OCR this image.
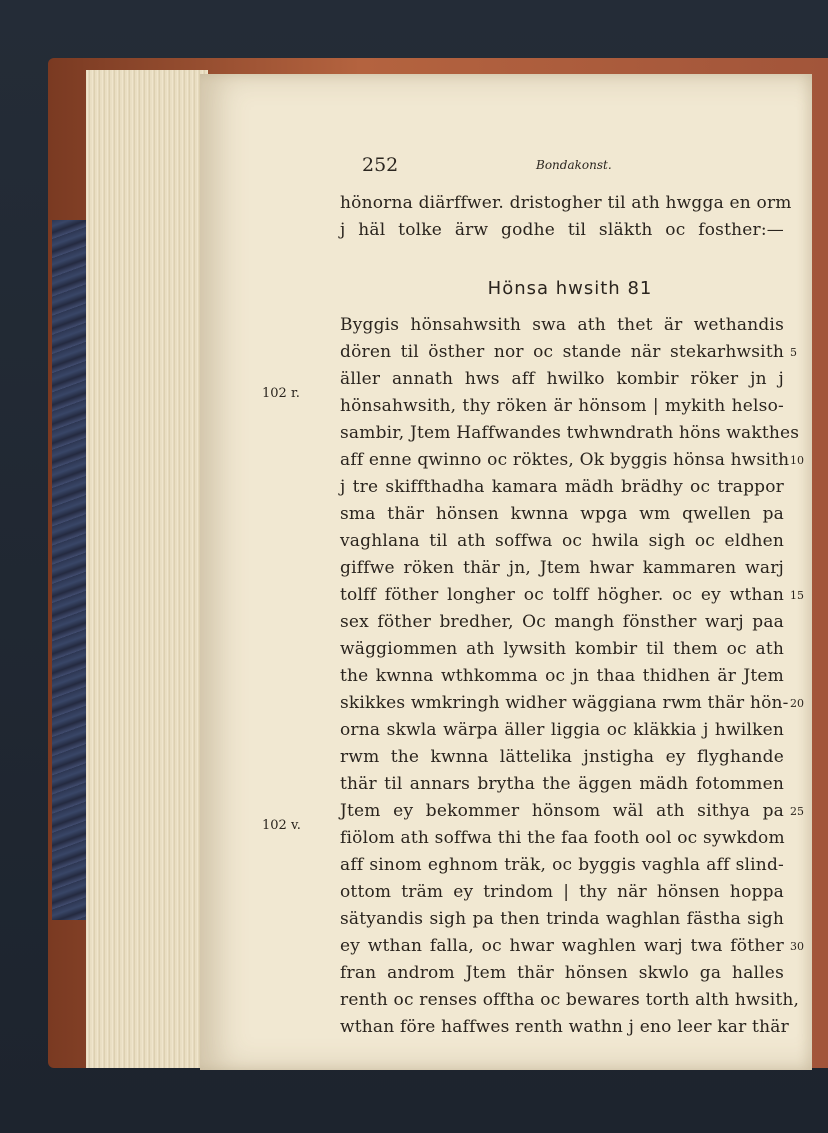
252	Bondakonst.
hönorna diärffwer. dristogher til ath hwgga en orm
j häl tolke ärw godhe til släkth oc fosther:—
Hönsa hwsith 81
Byggis hönsahwsith swa ath thet är wethandis
dören til östher nor oc stande när stekarhwsith
äller annath hws aff hwilko kombir röker jn j
hönsahwsith, thy röken är hönsom | mykith helso-
sambir, Jtem Haffwandes twhwndrath höns wakthes
aff enne qwinno oc röktes, Ok byggis hönsa hwsith
j tre skiffthadha kamara mädh brädhy oc trappor
sma thär hönsen kwnna wpga wm qwellen pa
vaghlana til ath soffwa oc hwila sigh oc eldhen
giffwe röken thär jn, Jtem hwar kammaren warj
tolff föther longher oc tolff högher. oc ey wthan
sex föther bredher, Oc mangh fönsther warj paa
wäggiommen ath lywsith kombir til them oc ath
the kwnna wthkomma oc jn thaa thidhen är Jtem
skikkes wmkringh widher wäggiana rwm thär hön-
orna skwla wärpa äller liggia oc kläkkia j hwilken
rwm the kwnna lättelika jnstigha ey flyghande
thär til annars brytha the äggen mädh fotommen
Jtem ey bekommer hönsom wäl ath sithya pa
fiölom ath soffwa thi the faa footh ool oc sywkdom
aff sinom eghnom träk, oc byggis vaghla aff slind-
ottom träm ey trindom | thy när hönsen hoppa
sätyandis sigh pa then trinda waghlan fästha sigh
ey wthan falla, oc hwar waghlen warj twa föther
fran androm Jtem thär hönsen skwlo ga halles
renth oc renses offtha oc bewares torth alth hwsith,
wthan före haffwes renth wathn j eno leer kar thär
102 r.
102 v.
5
10
15
20
25
30
